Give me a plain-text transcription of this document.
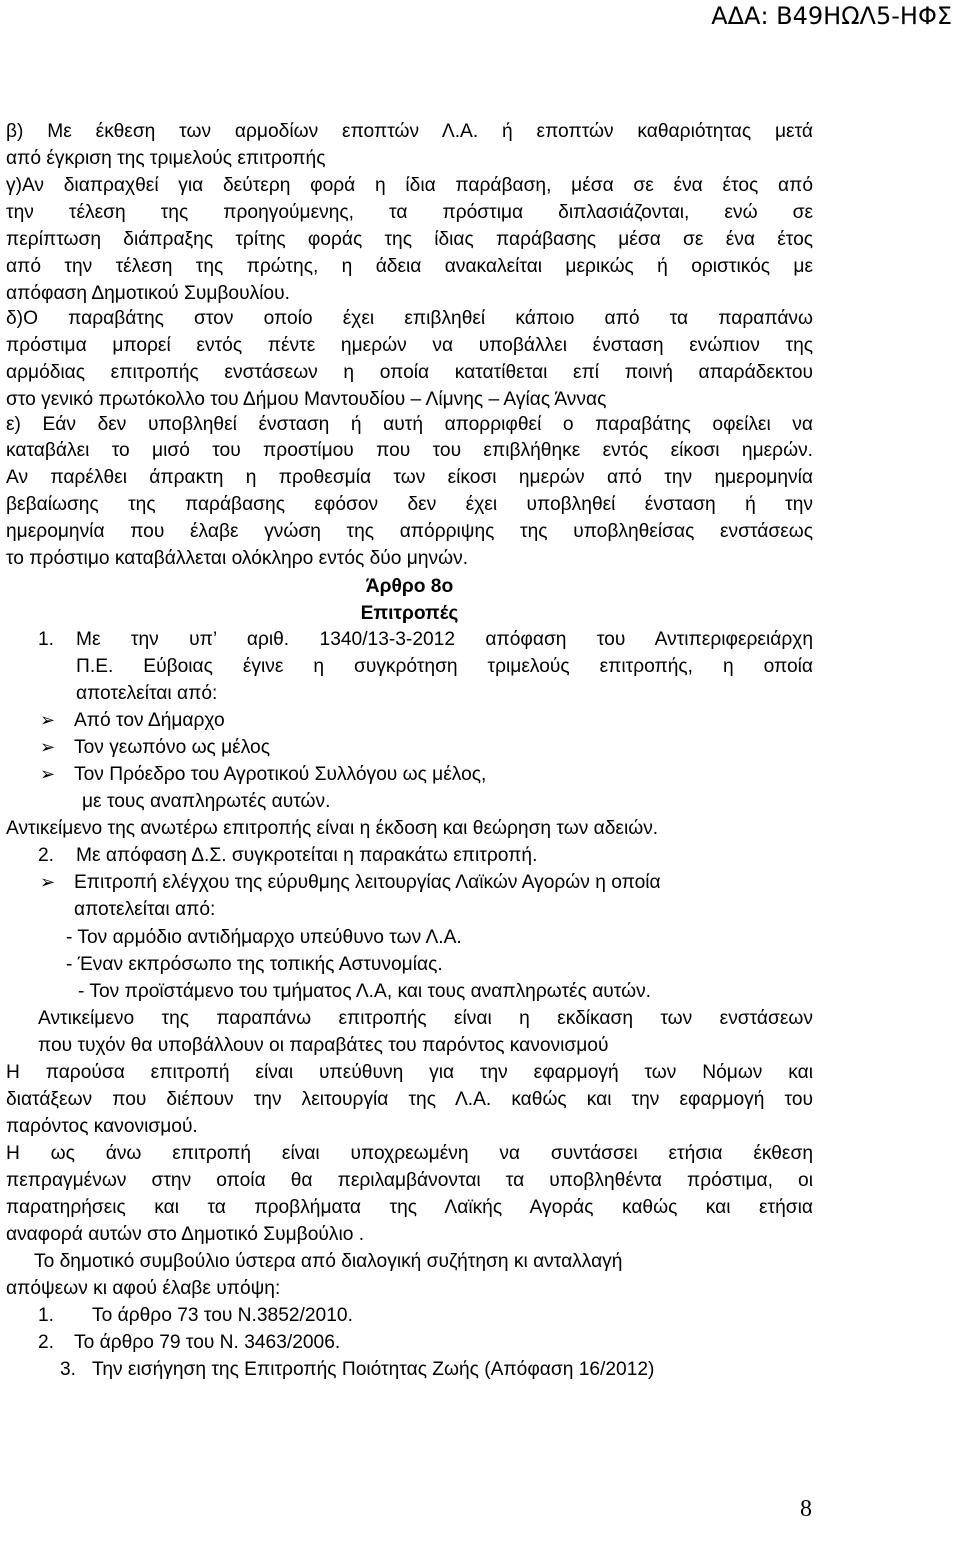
ΑΔΑ: Β49ΗΩΛ5-ΗΦΣ
β) Με έκθεση των αρμοδίων εποπτών Λ.Α. ή εποπτών καθαριότητας μετά
από έγκριση της τριμελούς επιτροπής
γ)Αν διαπραχθεί για δεύτερη φορά η ίδια παράβαση, μέσα σε ένα έτος από
την τέλεση της προηγούμενης, τα πρόστιμα διπλασιάζονται, ενώ σε
περίπτωση διάπραξης τρίτης φοράς της ίδιας παράβασης μέσα σε ένα έτος
από την τέλεση της πρώτης, η άδεια ανακαλείται μερικώς ή οριστικός με
απόφαση Δημοτικού Συμβουλίου.
δ)Ο παραβάτης στον οποίο έχει επιβληθεί κάποιο από τα παραπάνω
πρόστιμα μπορεί εντός πέντε ημερών να υποβάλλει ένσταση ενώπιον της
αρμόδιας επιτροπής ενστάσεων η οποία κατατίθεται επί ποινή απαράδεκτου
στο γενικό πρωτόκολλο του Δήμου Μαντουδίου – Λίμνης – Αγίας Άννας
ε) Εάν δεν υποβληθεί ένσταση ή αυτή απορριφθεί ο παραβάτης οφείλει να
καταβάλει το μισό του προστίμου που του επιβλήθηκε εντός είκοσι ημερών.
Αν παρέλθει άπρακτη η προθεσμία των είκοσι ημερών από την ημερομηνία
βεβαίωσης της παράβασης εφόσον δεν έχει υποβληθεί ένσταση ή την
ημερομηνία που έλαβε γνώση της απόρριψης της υποβληθείσας ενστάσεως
το πρόστιμο καταβάλλεται ολόκληρο εντός δύο μηνών.
Άρθρο 8ο
Επιτροπές
1.	Με την υπ’ αριθ. 1340/13-3-2012 απόφαση του Αντιπεριφερειάρχη
Π.Ε. Εύβοιας έγινε η συγκρότηση τριμελούς επιτροπής, η οποία
αποτελείται από:
➢ Από τον Δήμαρχο
➢ Τον γεωπόνο ως μέλος
➢ Τον Πρόεδρο του Αγροτικού Συλλόγου ως μέλος,
με τους αναπληρωτές αυτών.
Αντικείμενο της ανωτέρω επιτροπής είναι η έκδοση και θεώρηση των αδειών.
2.	Με απόφαση Δ.Σ. συγκροτείται η παρακάτω επιτροπή.
➢ Επιτροπή ελέγχου της εύρυθμης λειτουργίας Λαϊκών Αγορών η οποία
αποτελείται από:
- Τον αρμόδιο αντιδήμαρχο υπεύθυνο των Λ.Α.
- Έναν εκπρόσωπο της τοπικής Αστυνομίας.
- Τον προϊστάμενο του τμήματος Λ.Α, και τους αναπληρωτές αυτών.
Αντικείμενο της παραπάνω επιτροπής είναι η εκδίκαση των ενστάσεων
που τυχόν θα υποβάλλουν οι παραβάτες του παρόντος κανονισμού
Η παρούσα επιτροπή είναι υπεύθυνη για την εφαρμογή των Νόμων και
διατάξεων που διέπουν την λειτουργία της Λ.Α. καθώς και την εφαρμογή του
παρόντος κανονισμού.
Η ως άνω επιτροπή είναι υποχρεωμένη να συντάσσει ετήσια έκθεση
πεπραγμένων στην οποία θα περιλαμβάνονται τα υποβληθέντα πρόστιμα, οι
παρατηρήσεις και τα προβλήματα της Λαϊκής Αγοράς καθώς και ετήσια
αναφορά αυτών στο Δημοτικό Συμβούλιο .
Το δημοτικό συμβούλιο ύστερα από διαλογική συζήτηση κι ανταλλαγή
απόψεων κι αφού έλαβε υπόψη:
1. Το άρθρο 73 του Ν.3852/2010.
2. Το άρθρο 79 του Ν. 3463/2006.
3. Την εισήγηση της Επιτροπής Ποιότητας Ζωής (Απόφαση 16/2012)
8
